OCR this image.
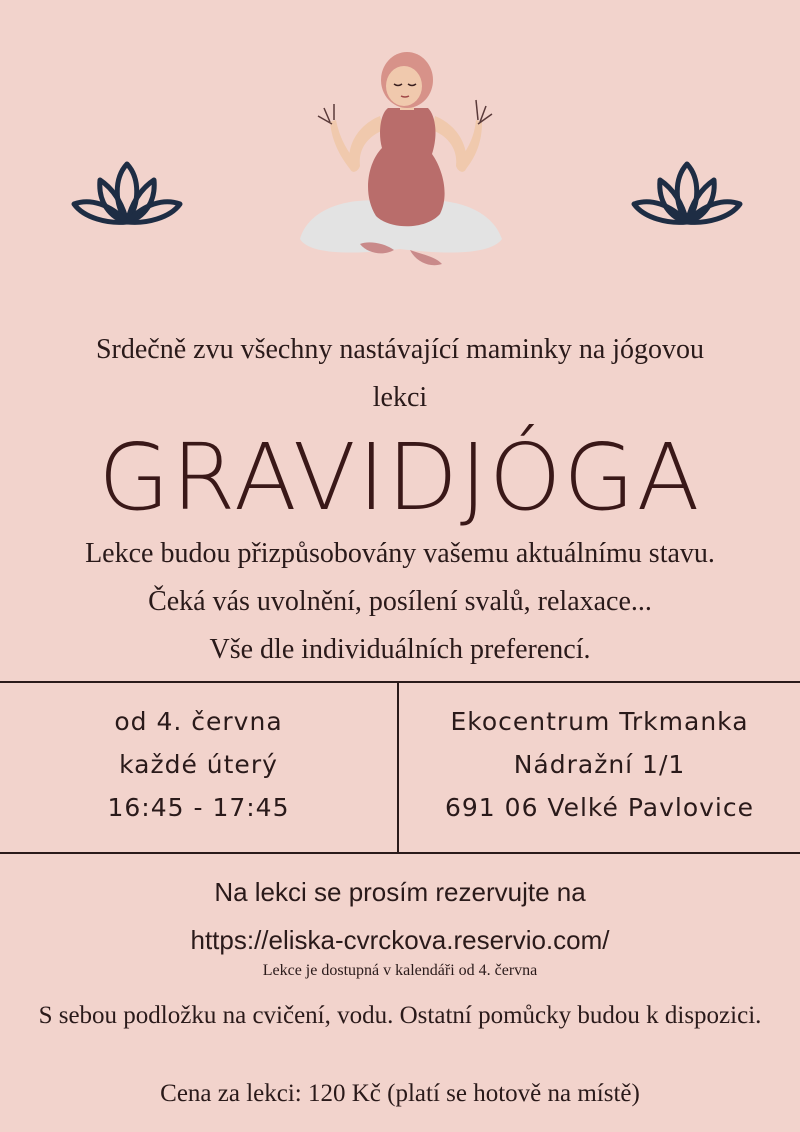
Srdečně zvu všechny nastávající maminky na jógovou
lekci
GRAVIDJÓGA
Lekce budou přizpůsobovány vašemu aktuálnímu stavu.
Čeká vás uvolnění, posílení svalů, relaxace...
Vše dle individuálních preferencí.
od 4. června
každé úterý
16:45 - 17:45
Ekocentrum Trkmanka
Nádražní 1/1
691 06 Velké Pavlovice
Na lekci se prosím rezervujte na
https://eliska-cvrckova.reservio.com/
Lekce je dostupná v kalendáři od 4. června
S sebou podložku na cvičení, vodu. Ostatní pomůcky budou k dispozici.
Cena za lekci: 120 Kč (platí se hotově na místě)
